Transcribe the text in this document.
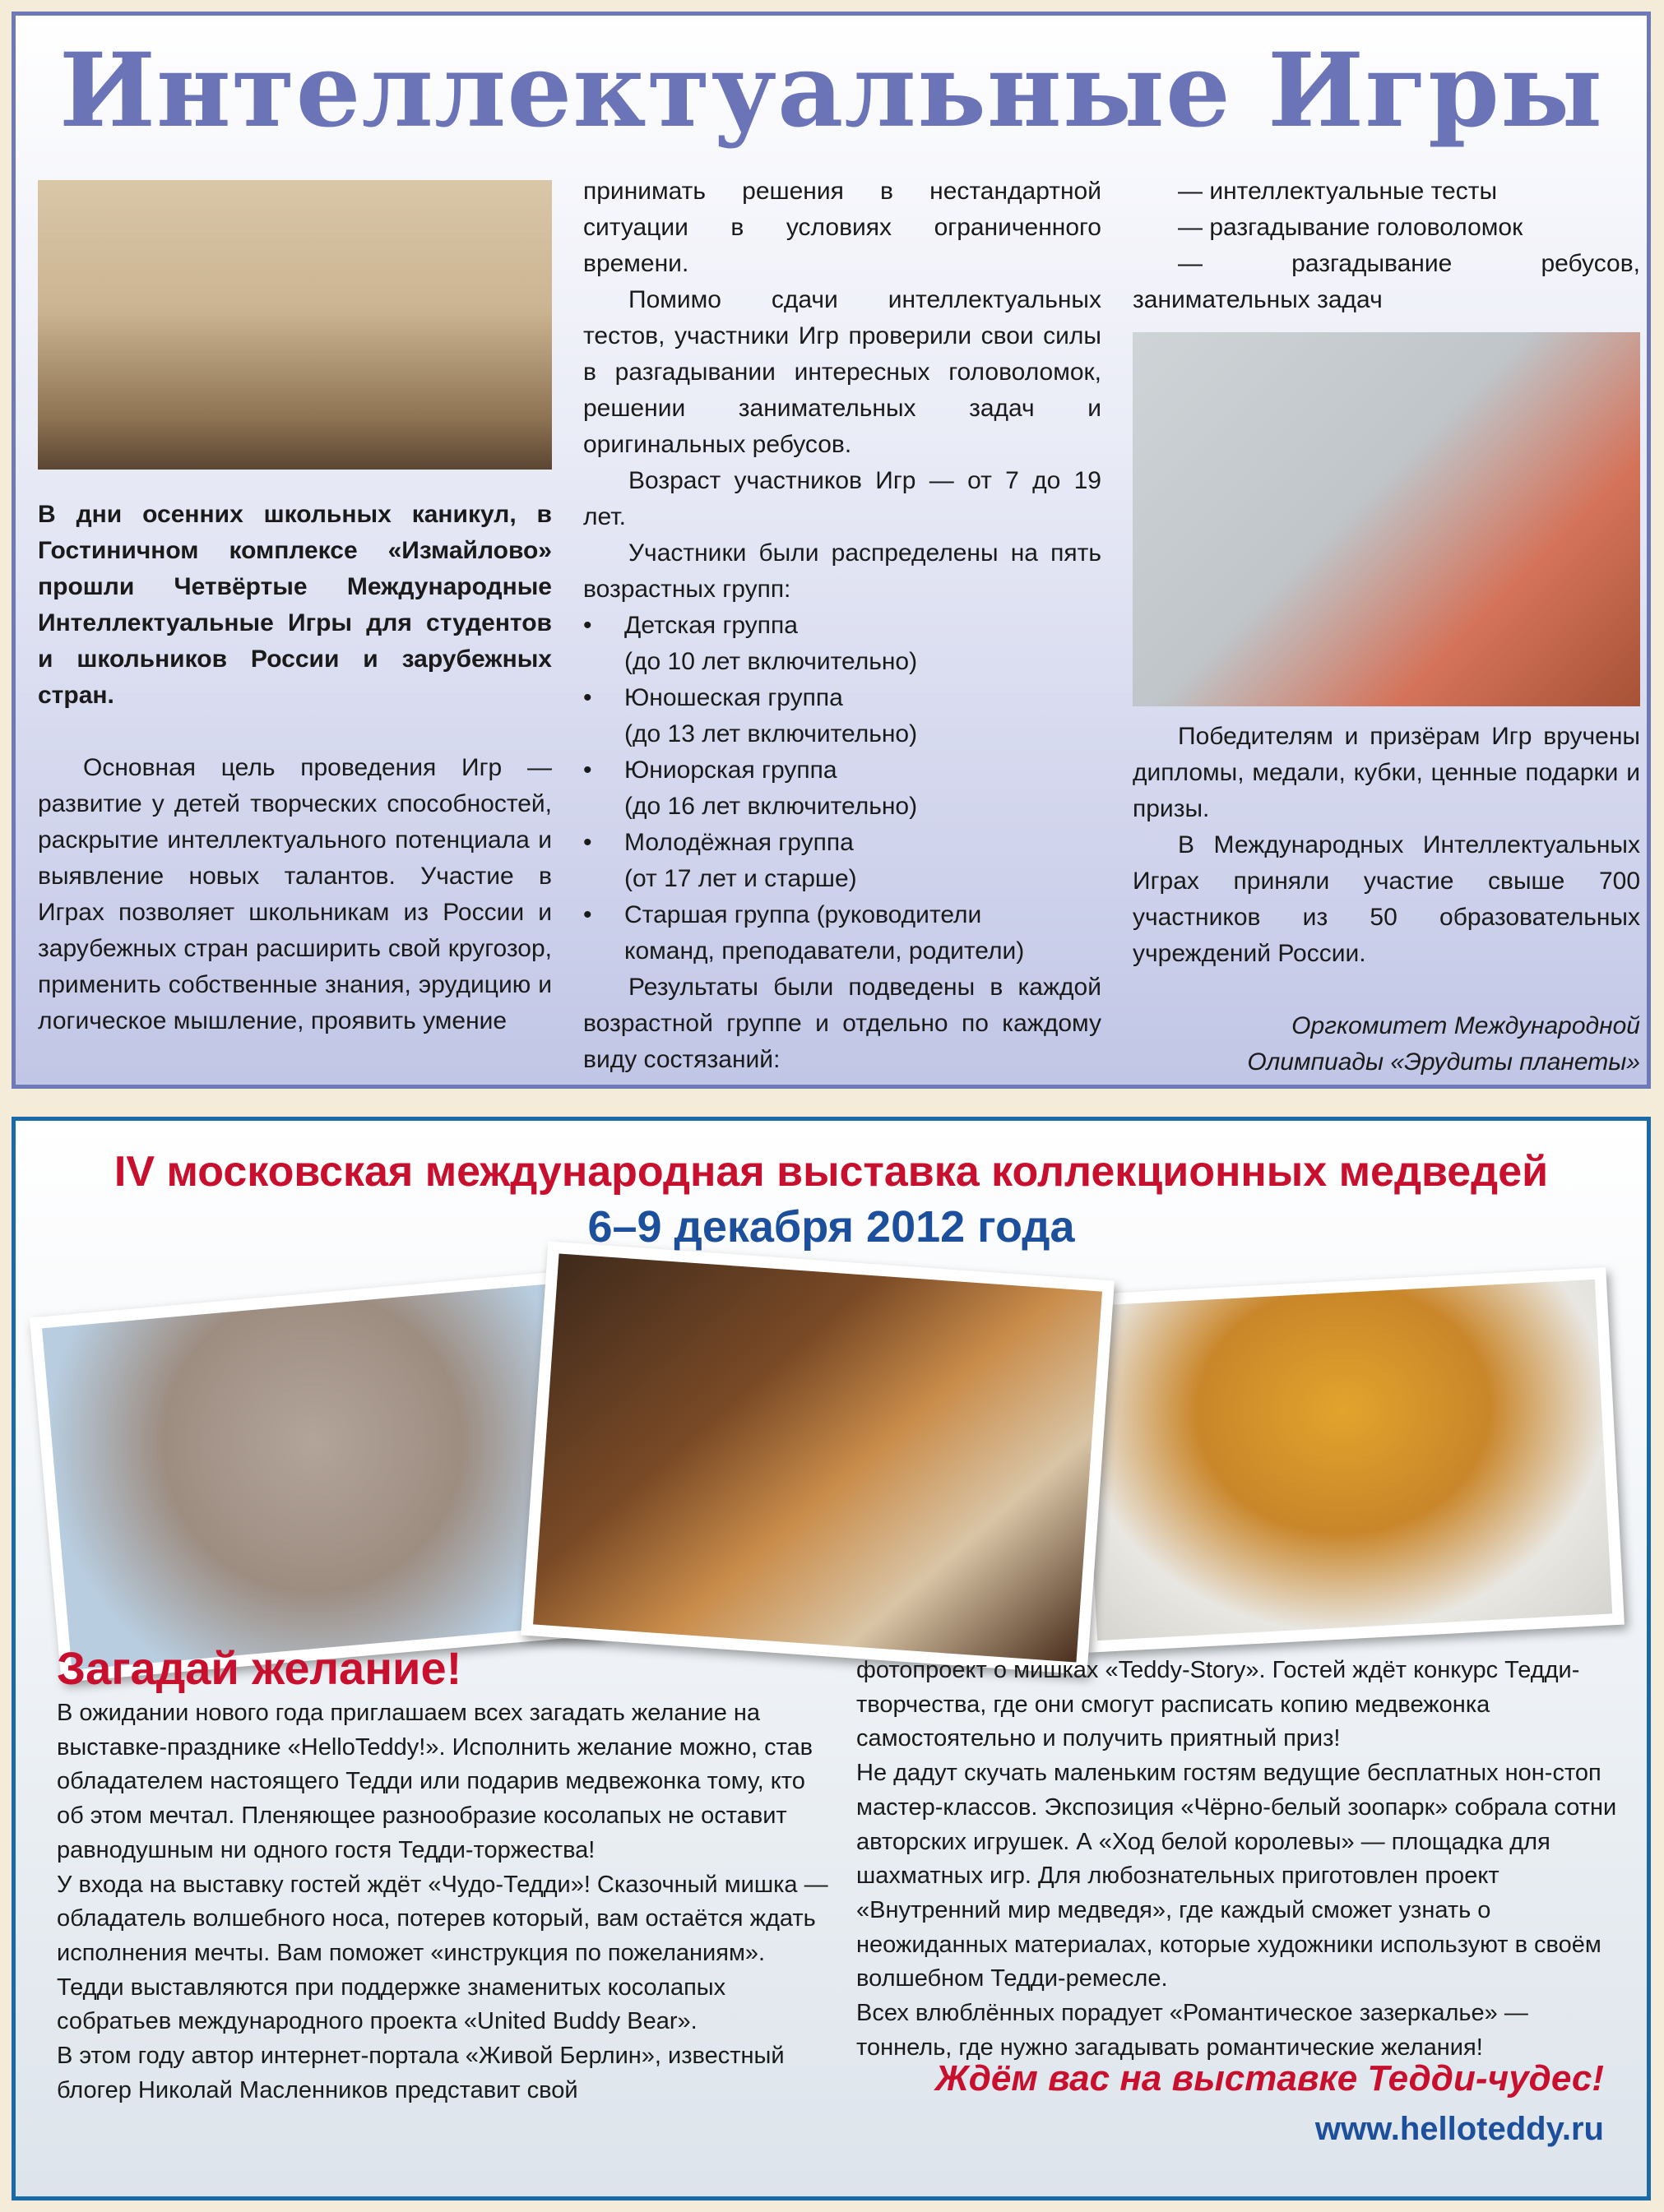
Интеллектуальные Игры

В дни осенних школьных каникул, в Гостиничном комплексе «Измайлово» прошли Четвёртые Международные Интеллектуальные Игры для студентов и школьников России и зарубежных стран.

Основная цель проведения Игр — развитие у детей творческих способностей, раскрытие интеллектуального потенциала и выявление новых талантов. Участие в Играх позволяет школьникам из России и зарубежных стран расширить свой кругозор, применить собственные знания, эрудицию и логическое мышление, проявить умение

принимать решения в нестандартной ситуации в условиях ограниченного времени.

Помимо сдачи интеллектуальных тестов, участники Игр проверили свои силы в разгадывании интересных головоломок, решении занимательных задач и оригинальных ребусов.

Возраст участников Игр — от 7 до 19 лет.

Участники были распределены на пять возрастных групп:

• Детская группа
(до 10 лет включительно)
• Юношеская группа
(до 13 лет включительно)
• Юниорская группа
(до 16 лет включительно)
• Молодёжная группа
(от 17 лет и старше)
• Старшая группа (руководители
команд, преподаватели, родители)

Результаты были подведены в каждой возрастной группе и отдельно по каждому виду состязаний:

— интеллектуальные тесты

— разгадывание головоломок

— разгадывание ребусов, занимательных задач

Победителям и призёрам Игр вручены дипломы, медали, кубки, ценные подарки и призы.

В Международных Интеллектуальных Играх приняли участие свыше 700 участников из 50 образовательных учреждений России.

Оргкомитет Международной

Олимпиады «Эрудиты планеты»

IV московская международная выставка коллекционных медведей
6–9 декабря 2012 года
Загадай желание!

В ожидании нового года приглашаем всех загадать желание на выставке-празднике «HelloTeddy!». Исполнить желание можно, став обладателем настоящего Тедди или подарив медвежонка тому, кто об этом мечтал. Пленяющее разнообразие косолапых не оставит равнодушным ни одного гостя Тедди-торжества!

У входа на выставку гостей ждёт «Чудо-Тедди»! Сказочный мишка — обладатель волшебного носа, потерев который, вам остаётся ждать исполнения мечты. Вам поможет «инструкция по пожеланиям».

Тедди выставляются при поддержке знаменитых косолапых собратьев международного проекта «United Buddy Bear».

В этом году автор интернет-портала «Живой Берлин», известный блогер Николай Масленников представит свой

фотопроект о мишках «Teddy-Story». Гостей ждёт конкурс Тедди-творчества, где они смогут расписать копию медвежонка самостоятельно и получить приятный приз!

Не дадут скучать маленьким гостям ведущие бесплатных нон-стоп мастер-классов. Экспозиция «Чёрно-белый зоопарк» собрала сотни авторских игрушек. А «Ход белой королевы» — площадка для шахматных игр. Для любознательных приготовлен проект «Внутренний мир медведя», где каждый сможет узнать о неожиданных материалах, которые художники используют в своём волшебном Тедди-ремесле.

Всех влюблённых порадует «Романтическое зазеркалье» — тоннель, где нужно загадывать романтические желания!

Ждём вас на выставке Тедди-чудес!

www.helloteddy.ru
